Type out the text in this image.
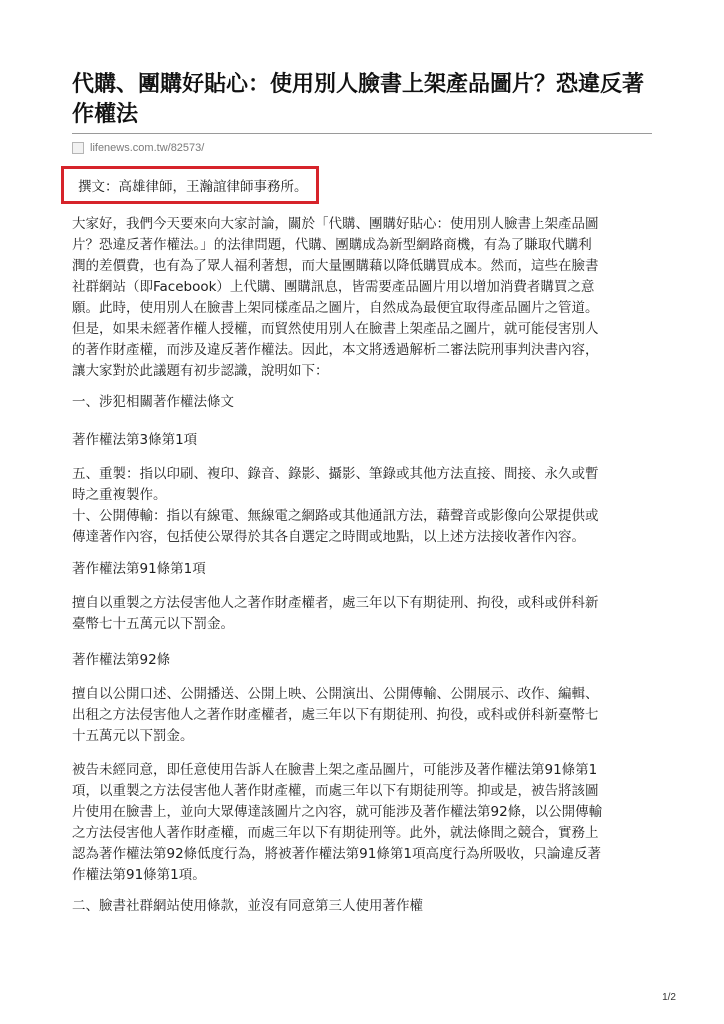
代購、團購好貼心：使用別人臉書上架產品圖片？恐違反著
作權法
lifenews.com.tw/82573/
撰文：高雄律師，王瀚誼律師事務所。

大家好，我們今天要來向大家討論，關於「代購、團購好貼心：使用別人臉書上架產品圖
片？恐違反著作權法。」的法律問題，代購、團購成為新型網路商機，有為了賺取代購利
潤的差價費，也有為了眾人福利著想，而大量團購藉以降低購買成本。然而，這些在臉書
社群網站（即Facebook）上代購、團購訊息，皆需要產品圖片用以增加消費者購買之意
願。此時，使用別人在臉書上架同樣產品之圖片，自然成為最便宜取得產品圖片之管道。
但是，如果未經著作權人授權，而貿然使用別人在臉書上架產品之圖片，就可能侵害別人
的著作財產權，而涉及違反著作權法。因此，本文將透過解析二審法院刑事判決書內容，
讓大家對於此議題有初步認識，說明如下：

一、涉犯相關著作權法條文

著作權法第3條第1項

五、重製：指以印刷、複印、錄音、錄影、攝影、筆錄或其他方法直接、間接、永久或暫
時之重複製作。
十、公開傳輸：指以有線電、無線電之網路或其他通訊方法，藉聲音或影像向公眾提供或
傳達著作內容，包括使公眾得於其各自選定之時間或地點，以上述方法接收著作內容。

著作權法第91條第1項

擅自以重製之方法侵害他人之著作財產權者，處三年以下有期徒刑、拘役，或科或併科新
臺幣七十五萬元以下罰金。

著作權法第92條

擅自以公開口述、公開播送、公開上映、公開演出、公開傳輸、公開展示、改作、編輯、
出租之方法侵害他人之著作財產權者，處三年以下有期徒刑、拘役，或科或併科新臺幣七
十五萬元以下罰金。

被告未經同意，即任意使用告訴人在臉書上架之產品圖片，可能涉及著作權法第91條第1
項，以重製之方法侵害他人著作財產權，而處三年以下有期徒刑等。抑或是，被告將該圖
片使用在臉書上，並向大眾傳達該圖片之內容，就可能涉及著作權法第92條，以公開傳輸
之方法侵害他人著作財產權，而處三年以下有期徒刑等。此外，就法條間之競合，實務上
認為著作權法第92條低度行為，將被著作權法第91條第1項高度行為所吸收，只論違反著
作權法第91條第1項。

二、臉書社群網站使用條款，並沒有同意第三人使用著作權

1/2
